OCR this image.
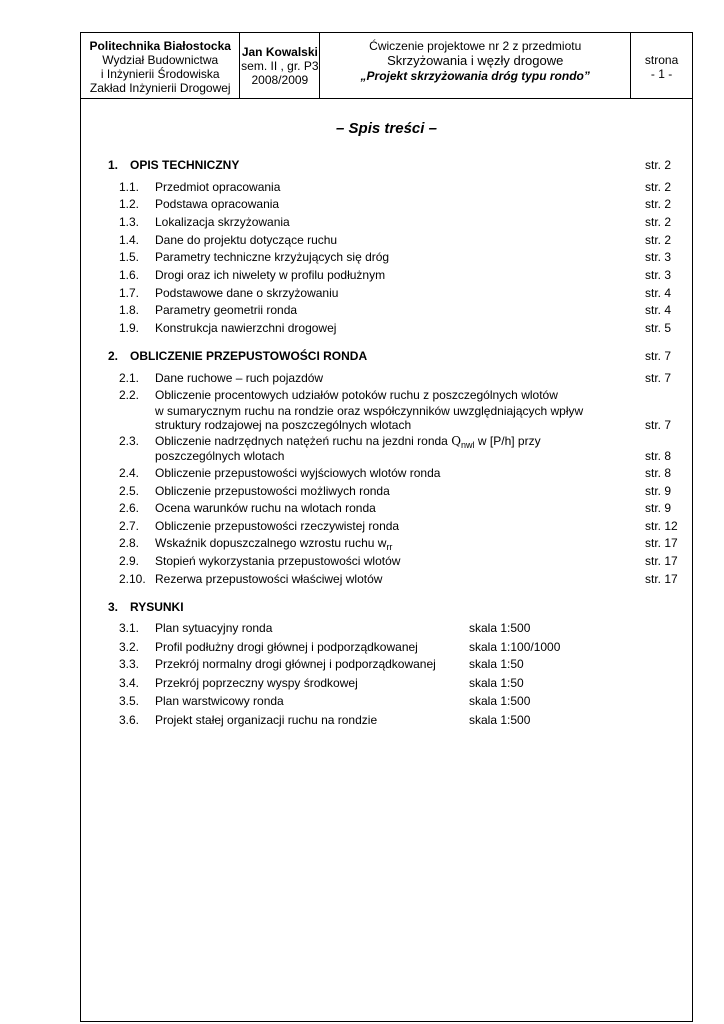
Politechnika Białostocka
Wydział Budownictwa
i Inżynierii Środowiska
Zakład Inżynierii Drogowej
Jan Kowalski
sem. II , gr. P3
2008/2009
Ćwiczenie projektowe nr 2 z przedmiotu
Skrzyżowania i węzły drogowe
„Projekt skrzyżowania dróg typu rondo”
strona
- 1 -
– Spis treści –
1. OPIS TECHNICZNY	str. 2
1.1. Przedmiot opracowania	str. 2
1.2. Podstawa opracowania	str. 2
1.3. Lokalizacja skrzyżowania	str. 2
1.4. Dane do projektu dotyczące ruchu	str. 2
1.5. Parametry techniczne krzyżujących się dróg	str. 3
1.6. Drogi oraz ich niwelety w profilu podłużnym	str. 3
1.7. Podstawowe dane o skrzyżowaniu	str. 4
1.8. Parametry geometrii ronda	str. 4
1.9. Konstrukcja nawierzchni drogowej	str. 5
2. OBLICZENIE PRZEPUSTOWOŚCI RONDA	str. 7
2.1. Dane ruchowe – ruch pojazdów	str. 7
2.2. Obliczenie procentowych udziałów potoków ruchu z poszczególnych wlotów
w sumarycznym ruchu na rondzie oraz współczynników uwzględniających wpływ
struktury rodzajowej na poszczególnych wlotach	str. 7
2.3. Obliczenie nadrzędnych natężeń ruchu na jezdni ronda $Q_{nwl}$ w [P/h] przy
poszczególnych wlotach	str. 8
2.4. Obliczenie przepustowości wyjściowych wlotów ronda	str. 8
2.5. Obliczenie przepustowości możliwych ronda	str. 9
2.6. Ocena warunków ruchu na wlotach ronda	str. 9
2.7. Obliczenie przepustowości rzeczywistej ronda	str. 12
2.8. Wskaźnik dopuszczalnego wzrostu ruchu $w_{rr}$	str. 17
2.9. Stopień wykorzystania przepustowości wlotów	str. 17
2.10. Rezerwa przepustowości właściwej wlotów	str. 17
3. RYSUNKI
3.1. Plan sytuacyjny ronda	skala 1:500
3.2. Profil podłużny drogi głównej i podporządkowanej	skala 1:100/1000
3.3. Przekrój normalny drogi głównej i podporządkowanej	skala 1:50
3.4. Przekrój poprzeczny wyspy środkowej	skala 1:50
3.5. Plan warstwicowy ronda	skala 1:500
3.6. Projekt stałej organizacji ruchu na rondzie	skala 1:500
